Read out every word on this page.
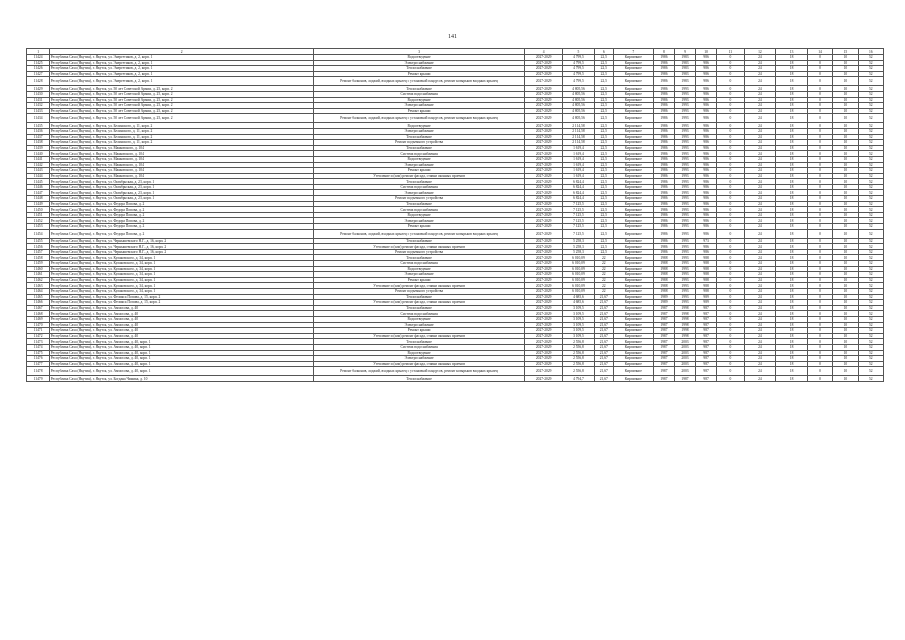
141
1	2	3	4	5	6	7	8	9	10	11	12	13	14	15	16
11424	Республика Саха (Якутия), г. Якутск, ул. Энергетиков, д. 2, корп. 1	Водоотведение	2027-2029	4 799,5	22,5	Кирпичное	1986	1983	986	0	24	18	0	10	52
11425	Республика Саха (Якутия), г. Якутск, ул. Энергетиков, д. 2, корп. 1	Электроснабжение	2027-2029	4 799,5	22,5	Кирпичное	1986	1983	986	0	24	18	0	10	52
11426	Республика Саха (Якутия), г. Якутск, ул. Энергетиков, д. 2, корп. 1	Теплоснабжение	2027-2029	4 799,5	22,5	Кирпичное	1986	1983	986	0	24	18	0	10	52
11427	Республика Саха (Якутия), г. Якутск, ул. Энергетиков, д. 2, корп. 1	Ремонт крыши	2027-2029	4 799,5	22,5	Кирпичное	1986	1983	986	0	24	18	0	10	52
11428	Республика Саха (Якутия), г. Якутск, ул. Энергетиков, д. 2, корп. 1	Ремонт балконов, лоджий, входных крылец с установкой пандусов, ремонт козырьков входных крылец	2027-2029	4 799,5	22,5	Кирпичное	1986	1983	986	0	24	18	0	10	52
11429	Республика Саха (Якутия), г. Якутск, ул. 50 лет Советской Армии, д. 25, корп. 2	Теплоснабжение	2027-2029	4 805,56	22,5	Кирпичное	1986	1993	986	0	24	18	0	10	52
11430	Республика Саха (Якутия), г. Якутск, ул. 50 лет Советской Армии, д. 25, корп. 2	Система водоснабжения	2027-2029	4 805,56	22,5	Кирпичное	1986	1993	986	0	24	18	0	10	52
11431	Республика Саха (Якутия), г. Якутск, ул. 50 лет Советской Армии, д. 25, корп. 2	Водоотведение	2027-2029	4 805,56	22,5	Кирпичное	1986	1993	986	0	24	18	0	10	52
11432	Республика Саха (Якутия), г. Якутск, ул. 50 лет Советской Армии, д. 25, корп. 2	Электроснабжение	2027-2029	4 805,56	22,5	Кирпичное	1986	1993	986	0	24	18	0	10	52
11433	Республика Саха (Якутия), г. Якутск, ул. 50 лет Советской Армии, д. 25, корп. 2	Ремонт крыши	2027-2029	4 805,56	22,5	Кирпичное	1986	1993	986	0	24	18	0	10	52
11434	Республика Саха (Якутия), г. Якутск, ул. 50 лет Советской Армии, д. 25, корп. 2	Ремонт балконов, лоджий, входных крылец с установкой пандусов, ремонт козырьков входных крылец	2027-2029	4 805,56	22,5	Кирпичное	1986	1993	986	0	24	18	0	10	52
11435	Республика Саха (Якутия), г. Якутск, ул. Белинского, д. 11, корп. 2	Водоотведение	2027-2029	2 114,58	22,5	Кирпичное	1986	1993	986	0	24	18	0	10	52
11436	Республика Саха (Якутия), г. Якутск, ул. Белинского, д. 11, корп. 2	Электроснабжение	2027-2029	2 114,58	22,5	Кирпичное	1986	1993	986	0	24	18	0	10	52
11437	Республика Саха (Якутия), г. Якутск, ул. Белинского, д. 11, корп. 2	Теплоснабжение	2027-2029	2 114,58	22,5	Кирпичное	1986	1993	986	0	24	18	0	10	52
11438	Республика Саха (Якутия), г. Якутск, ул. Белинского, д. 11, корп. 2	Ремонт подъемного устройства	2027-2029	2 114,58	22,5	Кирпичное	1986	1993	986	0	24	18	0	10	52
11439	Республика Саха (Якутия), г. Якутск, ул. Маяковского, д. 104	Теплоснабжение	2027-2029	1 619,4	22,5	Кирпичное	1986	1993	986	0	24	18	0	10	52
11440	Республика Саха (Якутия), г. Якутск, ул. Маяковского, д. 104	Система водоснабжения	2027-2029	1 619,4	22,5	Кирпичное	1986	1993	986	0	24	18	0	10	52
11441	Республика Саха (Якутия), г. Якутск, ул. Маяковского, д. 104	Водоотведение	2027-2029	1 619,4	22,5	Кирпичное	1986	1993	986	0	24	18	0	10	52
11442	Республика Саха (Якутия), г. Якутск, ул. Маяковского, д. 104	Электроснабжение	2027-2029	1 619,4	22,5	Кирпичное	1986	1993	986	0	24	18	0	10	52
11443	Республика Саха (Якутия), г. Якутск, ул. Маяковского, д. 104	Ремонт крыши	2027-2029	1 619,4	22,5	Кирпичное	1986	1993	986	0	24	18	0	10	52
11444	Республика Саха (Якутия), г. Якутск, ул. Маяковского, д. 104	Утепление и (или) ремонт фасада, ставни оконных проемов	2027-2029	1 619,4	22,5	Кирпичное	1986	1993	986	0	24	18	0	10	52
11445	Республика Саха (Якутия), г. Якутск, ул. Октябрьская, д. 23, корп. 1	Теплоснабжение	2027-2029	6 824,4	22,5	Кирпичное	1986	1993	986	0	24	18	0	10	52
11446	Республика Саха (Якутия), г. Якутск, ул. Октябрьская, д. 23, корп. 1	Система водоснабжения	2027-2029	6 824,4	22,5	Кирпичное	1986	1993	986	0	24	18	0	10	52
11447	Республика Саха (Якутия), г. Якутск, ул. Октябрьская, д. 23, корп. 1	Электроснабжение	2027-2029	6 824,4	22,5	Кирпичное	1986	1993	986	0	24	18	0	10	52
11448	Республика Саха (Якутия), г. Якутск, ул. Октябрьская, д. 23, корп. 1	Ремонт подъемного устройства	2027-2029	6 824,4	22,5	Кирпичное	1986	1993	986	0	24	18	0	10	52
11449	Республика Саха (Якутия), г. Якутск, ул. Федора Попова, д. 2	Теплоснабжение	2027-2029	7 125,5	22,5	Кирпичное	1986	1993	986	0	24	18	0	10	52
11450	Республика Саха (Якутия), г. Якутск, ул. Федора Попова, д. 2	Система водоснабжения	2027-2029	7 125,5	22,5	Кирпичное	1986	1993	986	0	24	18	0	10	52
11451	Республика Саха (Якутия), г. Якутск, ул. Федора Попова, д. 2	Водоотведение	2027-2029	7 125,5	22,5	Кирпичное	1986	1993	986	0	24	18	0	10	52
11452	Республика Саха (Якутия), г. Якутск, ул. Федора Попова, д. 2	Электроснабжение	2027-2029	7 125,5	22,5	Кирпичное	1986	1993	986	0	24	18	0	10	52
11453	Республика Саха (Якутия), г. Якутск, ул. Федора Попова, д. 2	Ремонт крыши	2027-2029	7 125,5	22,5	Кирпичное	1986	1993	986	0	24	18	0	10	52
11454	Республика Саха (Якутия), г. Якутск, ул. Федора Попова, д. 2	Ремонт балконов, лоджий, входных крылец с установкой пандусов, ремонт козырьков входных крылец	2027-2029	7 125,5	22,5	Кирпичное	1986	1993	986	0	24	18	0	10	52
11455	Республика Саха (Якутия), г. Якутск, ул. Чернышевского Н.Г., д. 16, корп. 2	Теплоснабжение	2027-2029	5 258,3	22,5	Кирпичное	1986	1993	973	0	24	18	0	10	52
11456	Республика Саха (Якутия), г. Якутск, ул. Чернышевского Н.Г., д. 16, корп. 2	Утепление и (или) ремонт фасада, ставни оконных проемов	2027-2029	5 258,3	22,5	Кирпичное	1986	1993	986	0	24	18	0	10	52
11457	Республика Саха (Якутия), г. Якутск, ул. Чернышевского Н.Г., д. 16, корп. 2	Ремонт подъемного устройства	2027-2029	5 258,3	22,5	Кирпичное	1986	1993	986	0	24	18	0	10	52
11458	Республика Саха (Якутия), г. Якутск, ул. Кулаковского, д. 34, корп. 1	Теплоснабжение	2027-2029	6 010,09	22	Кирпичное	1988	1993	988	0	24	18	0	10	52
11459	Республика Саха (Якутия), г. Якутск, ул. Кулаковского, д. 34, корп. 1	Система водоснабжения	2027-2029	6 010,09	22	Кирпичное	1988	1993	988	0	24	18	0	10	52
11460	Республика Саха (Якутия), г. Якутск, ул. Кулаковского, д. 34, корп. 1	Водоотведение	2027-2029	6 010,09	22	Кирпичное	1988	1993	988	0	24	18	0	10	52
11461	Республика Саха (Якутия), г. Якутск, ул. Кулаковского, д. 34, корп. 1	Электроснабжение	2027-2029	6 010,09	22	Кирпичное	1988	1993	988	0	24	18	0	10	52
11462	Республика Саха (Якутия), г. Якутск, ул. Кулаковского, д. 34, корп. 1	Ремонт крыши	2027-2029	6 010,09	22	Кирпичное	1988	1993	988	0	24	18	0	10	52
11463	Республика Саха (Якутия), г. Якутск, ул. Кулаковского, д. 34, корп. 1	Утепление и (или) ремонт фасада, ставни оконных проемов	2027-2029	6 010,09	22	Кирпичное	1988	1993	988	0	24	18	0	10	52
11464	Республика Саха (Якутия), г. Якутск, ул. Кулаковского, д. 34, корп. 1	Ремонт подъемного устройства	2027-2029	6 010,09	22	Кирпичное	1988	1993	988	0	24	18	0	10	52
11465	Республика Саха (Якутия), г. Якутск, ул. Феликса Попова, д. 15, корп. 2	Теплоснабжение	2027-2029	4 685,6	21,67	Кирпичное	1989	1993	989	0	24	18	0	10	52
11466	Республика Саха (Якутия), г. Якутск, ул. Феликса Попова, д. 15, корп. 2	Утепление и (или) ремонт фасада, ставни оконных проемов	2027-2029	4 685,6	21,67	Кирпичное	1989	1993	989	0	24	18	0	10	52
11467	Республика Саха (Якутия), г. Якутск, ул. Аммосова, д. 40	Теплоснабжение	2027-2029	3 109,5	21,67	Кирпичное	1987	1998	987	0	24	18	0	10	52
11468	Республика Саха (Якутия), г. Якутск, ул. Аммосова, д. 40	Система водоснабжения	2027-2029	3 109,5	21,67	Кирпичное	1987	1998	987	0	24	18	0	10	52
11469	Республика Саха (Якутия), г. Якутск, ул. Аммосова, д. 40	Водоотведение	2027-2029	3 109,5	21,67	Кирпичное	1987	1998	987	0	24	18	0	10	52
11470	Республика Саха (Якутия), г. Якутск, ул. Аммосова, д. 40	Электроснабжение	2027-2029	3 109,5	21,67	Кирпичное	1987	1998	987	0	24	18	0	10	52
11471	Республика Саха (Якутия), г. Якутск, ул. Аммосова, д. 40	Ремонт крыши	2027-2029	3 109,5	21,67	Кирпичное	1987	1998	987	0	24	18	0	10	52
11472	Республика Саха (Якутия), г. Якутск, ул. Аммосова, д. 40	Утепление и (или) ремонт фасада, ставни оконных проемов	2027-2029	3 109,5	21,67	Кирпичное	1987	1998	987	0	24	18	0	10	52
11473	Республика Саха (Якутия), г. Якутск, ул. Аммосова, д. 40, корп. 1	Теплоснабжение	2027-2029	2 556,8	21,67	Кирпичное	1987	2003	987	0	24	18	0	10	52
11474	Республика Саха (Якутия), г. Якутск, ул. Аммосова, д. 40, корп. 1	Система водоснабжения	2027-2029	2 556,8	21,67	Кирпичное	1987	2003	987	0	24	18	0	10	52
11475	Республика Саха (Якутия), г. Якутск, ул. Аммосова, д. 40, корп. 1	Водоотведение	2027-2029	2 556,8	21,67	Кирпичное	1987	2003	987	0	24	18	0	10	52
11476	Республика Саха (Якутия), г. Якутск, ул. Аммосова, д. 40, корп. 1	Электроснабжение	2027-2029	2 556,8	21,67	Кирпичное	1987	2003	987	0	24	18	0	10	52
11477	Республика Саха (Якутия), г. Якутск, ул. Аммосова, д. 40, корп. 1	Утепление и (или) ремонт фасада, ставни оконных проемов	2027-2029	2 556,8	21,67	Кирпичное	1987	2003	987	0	24	18	0	10	52
11478	Республика Саха (Якутия), г. Якутск, ул. Аммосова, д. 40, корп. 1	Ремонт балконов, лоджий, входных крылец с установкой пандусов, ремонт козырьков входных крылец	2027-2029	2 556,8	21,67	Кирпичное	1987	2003	987	0	24	18	0	10	52
11479	Республика Саха (Якутия), г. Якутск, ул. Богдана Чижика, д. 10	Теплоснабжение	2027-2029	4 794,7	21,67	Кирпичное	1987	1987	987	0	24	18	0	10	52
